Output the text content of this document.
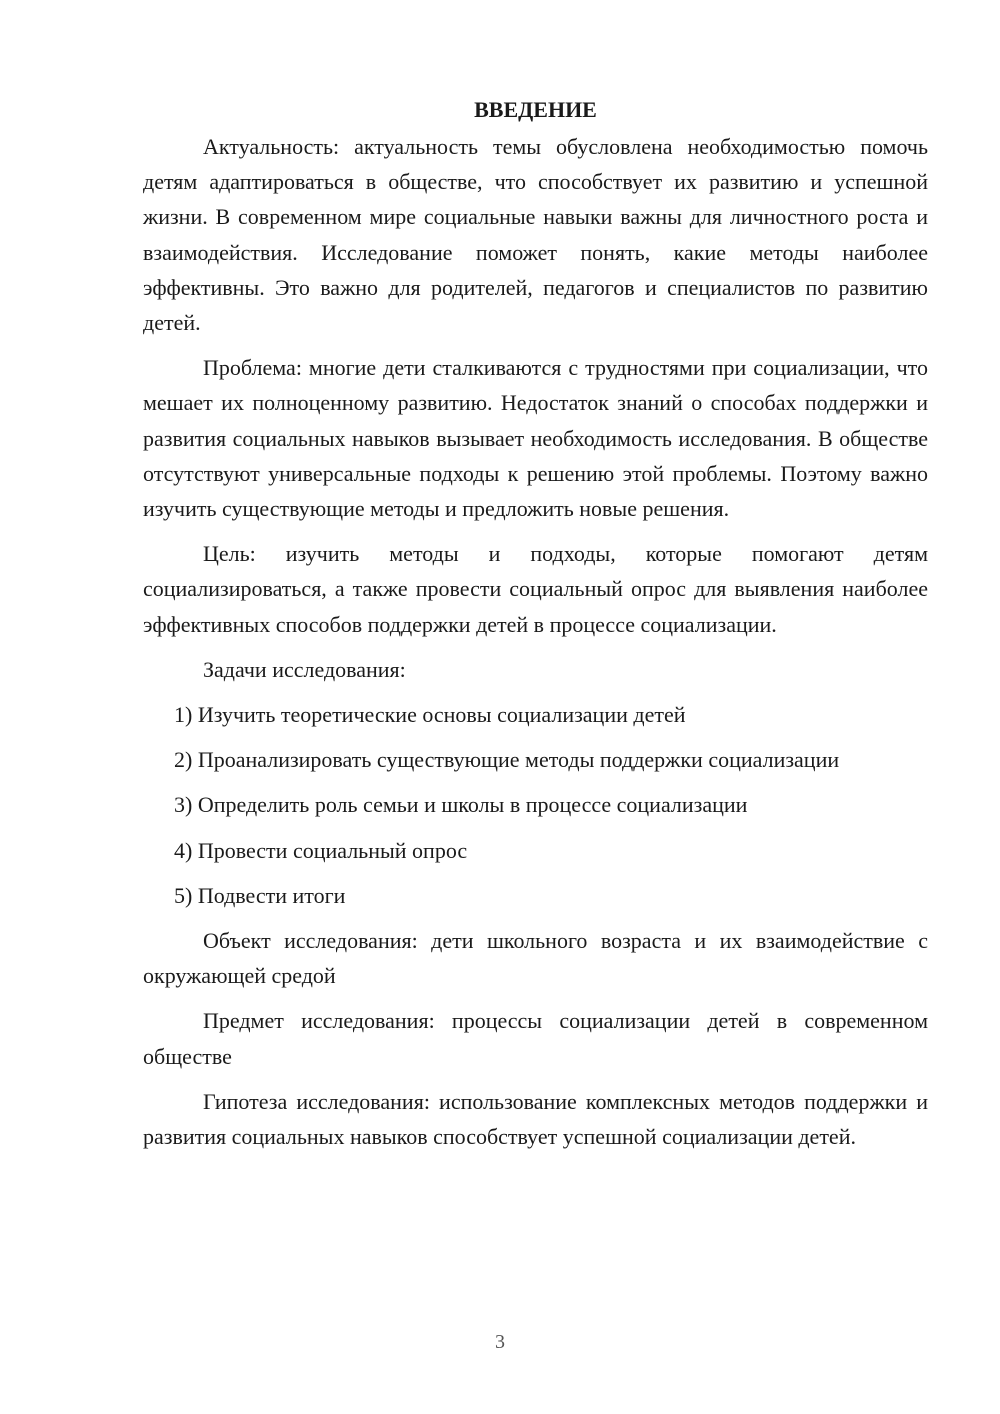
ВВЕДЕНИЕ

Актуальность: актуальность темы обусловлена необходимостью помочь детям адаптироваться в обществе, что способствует их развитию и успешной жизни. В современном мире социальные навыки важны для личностного роста и взаимодействия. Исследование поможет понять, какие методы наиболее эффективны. Это важно для родителей, педагогов и специалистов по развитию детей.

Проблема: многие дети сталкиваются с трудностями при социализации, что мешает их полноценному развитию. Недостаток знаний о способах поддержки и развития социальных навыков вызывает необходимость исследования. В обществе отсутствуют универсальные подходы к решению этой проблемы. Поэтому важно изучить существующие методы и предложить новые решения.

Цель: изучить методы и подходы, которые помогают детям социализироваться, а также провести социальный опрос для выявления наиболее эффективных способов поддержки детей в процессе социализации.

Задачи исследования:

1) Изучить теоретические основы социализации детей
2) Проанализировать существующие методы поддержки социализации
3) Определить роль семьи и школы в процессе социализации
4) Провести социальный опрос
5) Подвести итоги

Объект исследования: дети школьного возраста и их взаимодействие с окружающей средой

Предмет исследования: процессы социализации детей в современном обществе

Гипотеза исследования: использование комплексных методов поддержки и развития социальных навыков способствует успешной социализации детей.

3
